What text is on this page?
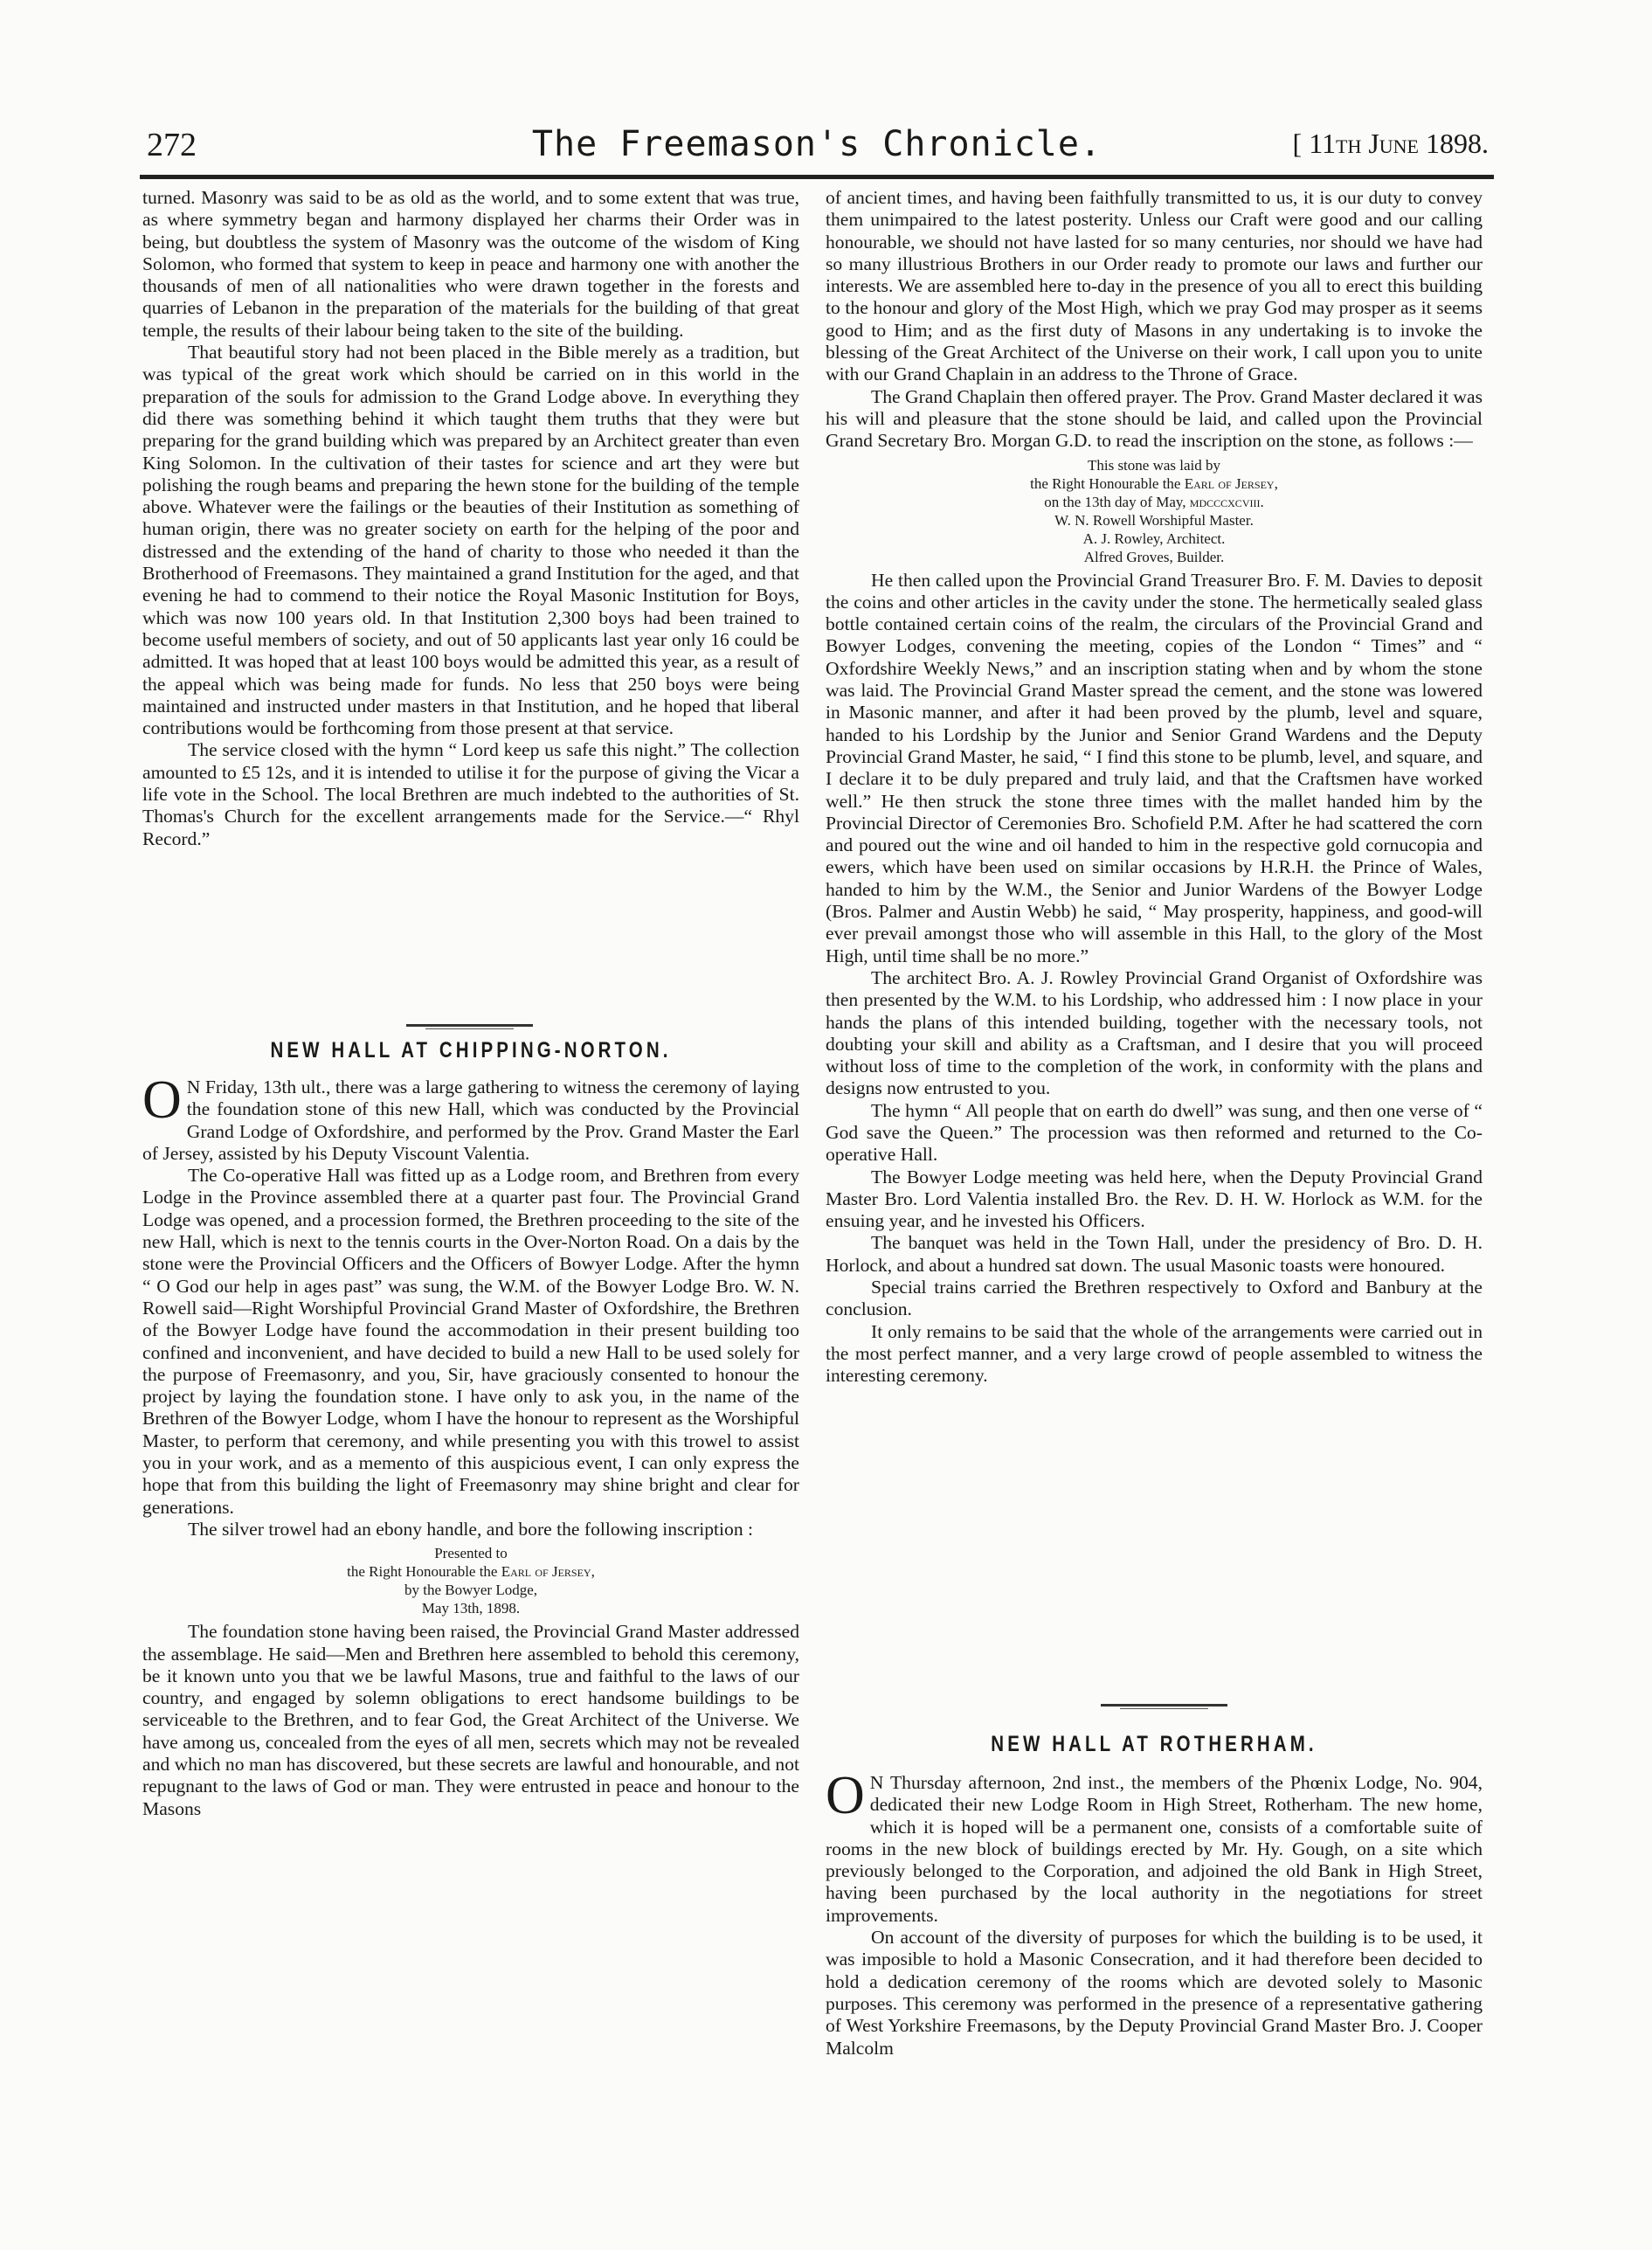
272	The Freemason's Chronicle.	[ 11th June 1898.

turned. Masonry was said to be as old as the world, and to some extent that was true, as where symmetry began and harmony displayed her charms their Order was in being, but doubtless the system of Masonry was the outcome of the wisdom of King Solomon, who formed that system to keep in peace and harmony one with another the thousands of men of all nationalities who were drawn together in the forests and quarries of Lebanon in the preparation of the materials for the building of that great temple, the results of their labour being taken to the site of the building.

That beautiful story had not been placed in the Bible merely as a tradition, but was typical of the great work which should be carried on in this world in the preparation of the souls for admission to the Grand Lodge above. In everything they did there was something behind it which taught them truths that they were but preparing for the grand building which was prepared by an Architect greater than even King Solomon. In the cultivation of their tastes for science and art they were but polishing the rough beams and preparing the hewn stone for the building of the temple above. Whatever were the failings or the beauties of their Institution as something of human origin, there was no greater society on earth for the helping of the poor and distressed and the extending of the hand of charity to those who needed it than the Brotherhood of Freemasons. They maintained a grand Institution for the aged, and that evening he had to commend to their notice the Royal Masonic Institution for Boys, which was now 100 years old. In that Institution 2,300 boys had been trained to become useful members of society, and out of 50 applicants last year only 16 could be admitted. It was hoped that at least 100 boys would be admitted this year, as a result of the appeal which was being made for funds. No less that 250 boys were being maintained and instructed under masters in that Institution, and he hoped that liberal contributions would be forthcoming from those present at that service.

The service closed with the hymn “ Lord keep us safe this night.” The collection amounted to £5 12s, and it is intended to utilise it for the purpose of giving the Vicar a life vote in the School. The local Brethren are much indebted to the authorities of St. Thomas's Church for the excellent arrangements made for the Service.—“ Rhyl Record.”

NEW HALL AT CHIPPING-NORTON.

O N Friday, 13th ult., there was a large gathering to witness the ceremony of laying the foundation stone of this new Hall, which was conducted by the Provincial Grand Lodge of Oxfordshire, and performed by the Prov. Grand Master the Earl of Jersey, assisted by his Deputy Viscount Valentia.

The Co-operative Hall was fitted up as a Lodge room, and Brethren from every Lodge in the Province assembled there at a quarter past four. The Provincial Grand Lodge was opened, and a procession formed, the Brethren proceeding to the site of the new Hall, which is next to the tennis courts in the Over-Norton Road. On a dais by the stone were the Provincial Officers and the Officers of Bowyer Lodge. After the hymn “ O God our help in ages past” was sung, the W.M. of the Bowyer Lodge Bro. W. N. Rowell said—Right Worshipful Provincial Grand Master of Oxfordshire, the Brethren of the Bowyer Lodge have found the accommodation in their present building too confined and inconvenient, and have decided to build a new Hall to be used solely for the purpose of Freemasonry, and you, Sir, have graciously consented to honour the project by laying the foundation stone. I have only to ask you, in the name of the Brethren of the Bowyer Lodge, whom I have the honour to represent as the Worshipful Master, to perform that ceremony, and while presenting you with this trowel to assist you in your work, and as a memento of this auspicious event, I can only express the hope that from this building the light of Freemasonry may shine bright and clear for generations.

The silver trowel had an ebony handle, and bore the following inscription :

Presented to
the Right Honourable the Earl of Jersey,
by the Bowyer Lodge,
May 13th, 1898.

The foundation stone having been raised, the Provincial Grand Master addressed the assemblage. He said—Men and Brethren here assembled to behold this ceremony, be it known unto you that we be lawful Masons, true and faithful to the laws of our country, and engaged by solemn obligations to erect handsome buildings to be serviceable to the Brethren, and to fear God, the Great Architect of the Universe. We have among us, concealed from the eyes of all men, secrets which may not be revealed and which no man has discovered, but these secrets are lawful and honourable, and not repugnant to the laws of God or man. They were entrusted in peace and honour to the Masons

of ancient times, and having been faithfully transmitted to us, it is our duty to convey them unimpaired to the latest posterity. Unless our Craft were good and our calling honourable, we should not have lasted for so many centuries, nor should we have had so many illustrious Brothers in our Order ready to promote our laws and further our interests. We are assembled here to-day in the presence of you all to erect this building to the honour and glory of the Most High, which we pray God may prosper as it seems good to Him; and as the first duty of Masons in any undertaking is to invoke the blessing of the Great Architect of the Universe on their work, I call upon you to unite with our Grand Chaplain in an address to the Throne of Grace.

The Grand Chaplain then offered prayer. The Prov. Grand Master declared it was his will and pleasure that the stone should be laid, and called upon the Provincial Grand Secretary Bro. Morgan G.D. to read the inscription on the stone, as follows :—

This stone was laid by
the Right Honourable the Earl of Jersey,
on the 13th day of May, mdcccxcviii.
W. N. Rowell Worshipful Master.
A. J. Rowley, Architect.
Alfred Groves, Builder.

He then called upon the Provincial Grand Treasurer Bro. F. M. Davies to deposit the coins and other articles in the cavity under the stone. The hermetically sealed glass bottle contained certain coins of the realm, the circulars of the Provincial Grand and Bowyer Lodges, convening the meeting, copies of the London “ Times” and “ Oxfordshire Weekly News,” and an inscription stating when and by whom the stone was laid. The Provincial Grand Master spread the cement, and the stone was lowered in Masonic manner, and after it had been proved by the plumb, level and square, handed to his Lordship by the Junior and Senior Grand Wardens and the Deputy Provincial Grand Master, he said, “ I find this stone to be plumb, level, and square, and I declare it to be duly prepared and truly laid, and that the Craftsmen have worked well.” He then struck the stone three times with the mallet handed him by the Provincial Director of Ceremonies Bro. Schofield P.M. After he had scattered the corn and poured out the wine and oil handed to him in the respective gold cornucopia and ewers, which have been used on similar occasions by H.R.H. the Prince of Wales, handed to him by the W.M., the Senior and Junior Wardens of the Bowyer Lodge (Bros. Palmer and Austin Webb) he said, “ May prosperity, happiness, and good-will ever prevail amongst those who will assemble in this Hall, to the glory of the Most High, until time shall be no more.”

The architect Bro. A. J. Rowley Provincial Grand Organist of Oxfordshire was then presented by the W.M. to his Lordship, who addressed him : I now place in your hands the plans of this intended building, together with the necessary tools, not doubting your skill and ability as a Craftsman, and I desire that you will proceed without loss of time to the completion of the work, in conformity with the plans and designs now entrusted to you.

The hymn “ All people that on earth do dwell” was sung, and then one verse of “ God save the Queen.” The procession was then reformed and returned to the Co-operative Hall.

The Bowyer Lodge meeting was held here, when the Deputy Provincial Grand Master Bro. Lord Valentia installed Bro. the Rev. D. H. W. Horlock as W.M. for the ensuing year, and he invested his Officers.

The banquet was held in the Town Hall, under the presidency of Bro. D. H. Horlock, and about a hundred sat down. The usual Masonic toasts were honoured.

Special trains carried the Brethren respectively to Oxford and Banbury at the conclusion.

It only remains to be said that the whole of the arrangements were carried out in the most perfect manner, and a very large crowd of people assembled to witness the interesting ceremony.

NEW HALL AT ROTHERHAM.

O N Thursday afternoon, 2nd inst., the members of the Phœnix Lodge, No. 904, dedicated their new Lodge Room in High Street, Rotherham. The new home, which it is hoped will be a permanent one, consists of a comfortable suite of rooms in the new block of buildings erected by Mr. Hy. Gough, on a site which previously belonged to the Corporation, and adjoined the old Bank in High Street, having been purchased by the local authority in the negotiations for street improvements.

On account of the diversity of purposes for which the building is to be used, it was imposible to hold a Masonic Consecration, and it had therefore been decided to hold a dedication ceremony of the rooms which are devoted solely to Masonic purposes. This ceremony was performed in the presence of a representative gathering of West Yorkshire Freemasons, by the Deputy Provincial Grand Master Bro. J. Cooper Malcolm
